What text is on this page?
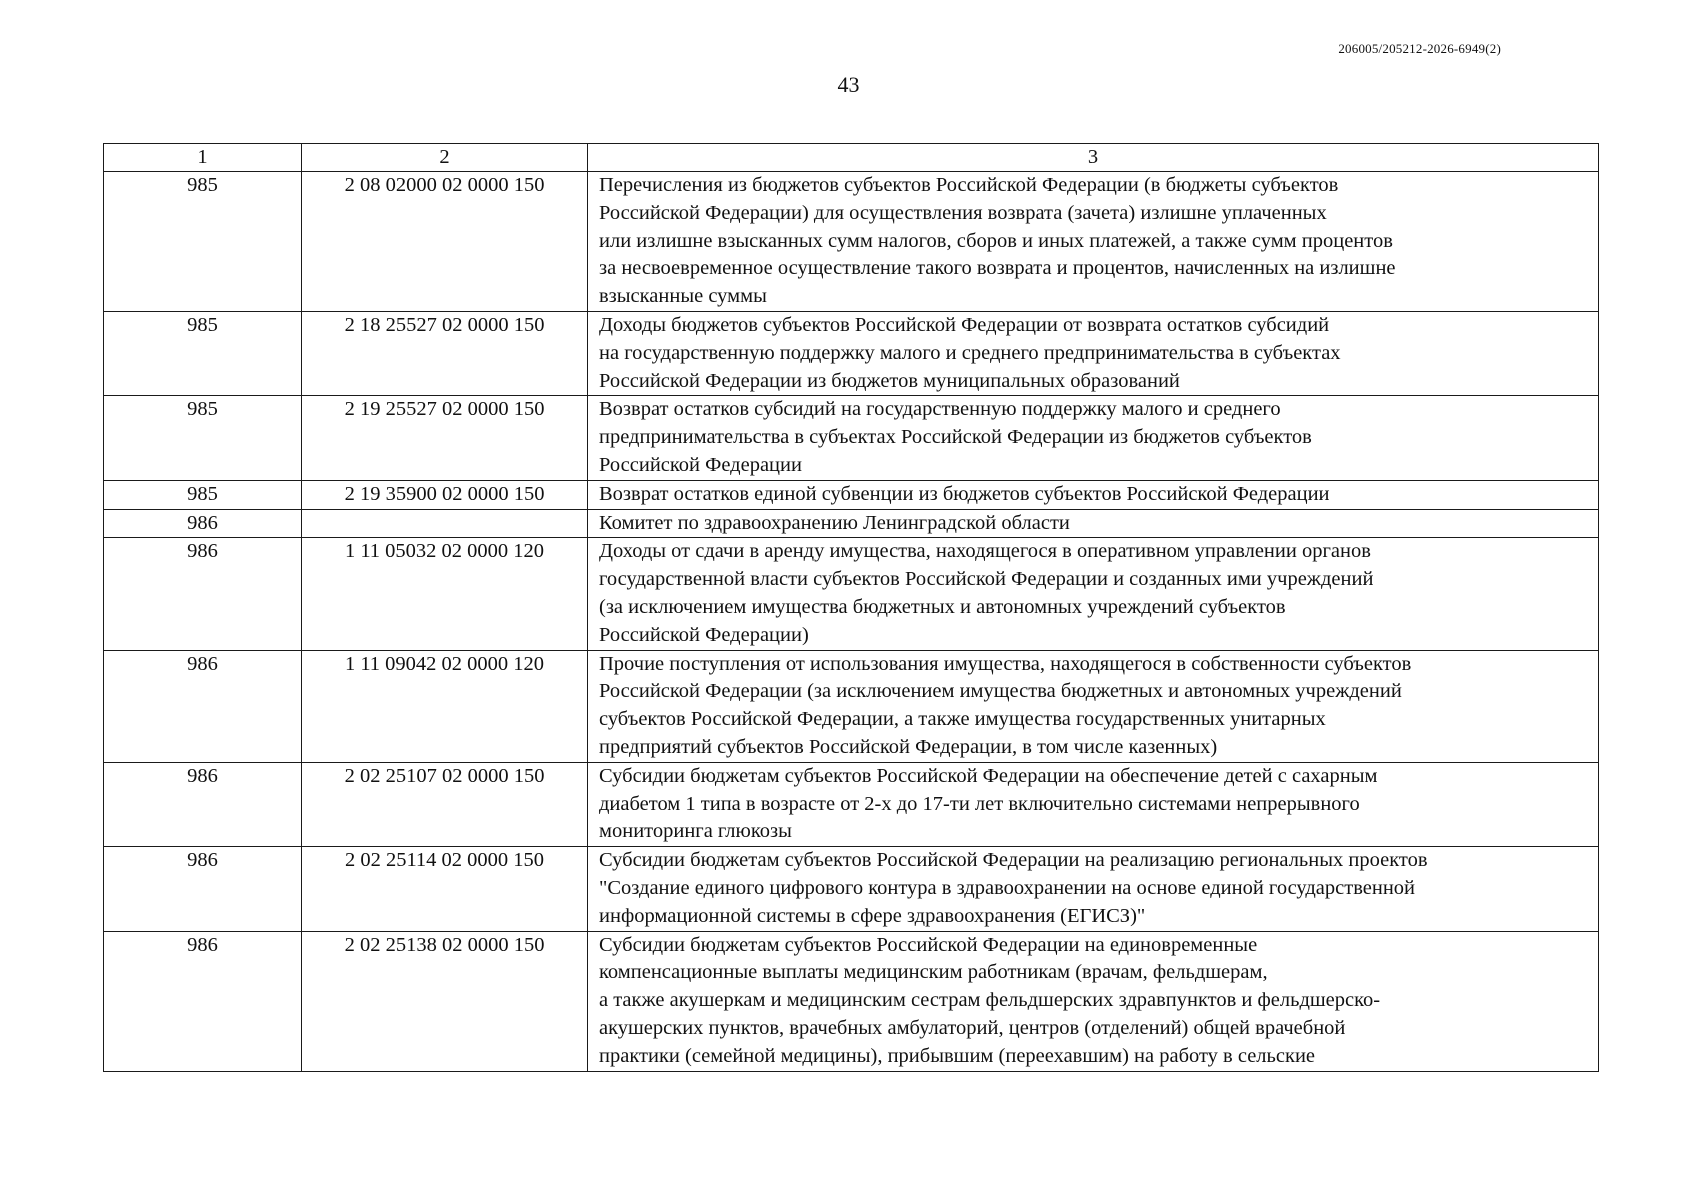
206005/205212-2026-6949(2)
43
1	2	3
985	2 08 02000 02 0000 150	Перечисления из бюджетов субъектов Российской Федерации (в бюджеты субъектов
Российской Федерации) для осуществления возврата (зачета) излишне уплаченных
или излишне взысканных сумм налогов, сборов и иных платежей, а также сумм процентов
за несвоевременное осуществление такого возврата и процентов, начисленных на излишне
взысканные суммы

985	2 18 25527 02 0000 150	Доходы бюджетов субъектов Российской Федерации от возврата остатков субсидий
на государственную поддержку малого и среднего предпринимательства в субъектах
Российской Федерации из бюджетов муниципальных образований

985	2 19 25527 02 0000 150	Возврат остатков субсидий на государственную поддержку малого и среднего
предпринимательства в субъектах Российской Федерации из бюджетов субъектов
Российской Федерации

985	2 19 35900 02 0000 150	Возврат остатков единой субвенции из бюджетов субъектов Российской Федерации

986		Комитет по здравоохранению Ленинградской области

986	1 11 05032 02 0000 120	Доходы от сдачи в аренду имущества, находящегося в оперативном управлении органов
государственной власти субъектов Российской Федерации и созданных ими учреждений
(за исключением имущества бюджетных и автономных учреждений субъектов
Российской Федерации)

986	1 11 09042 02 0000 120	Прочие поступления от использования имущества, находящегося в собственности субъектов
Российской Федерации (за исключением имущества бюджетных и автономных учреждений
субъектов Российской Федерации, а также имущества государственных унитарных
предприятий субъектов Российской Федерации, в том числе казенных)

986	2 02 25107 02 0000 150	Субсидии бюджетам субъектов Российской Федерации на обеспечение детей с сахарным
диабетом 1 типа в возрасте от 2-х до 17-ти лет включительно системами непрерывного
мониторинга глюкозы

986	2 02 25114 02 0000 150	Субсидии бюджетам субъектов Российской Федерации на реализацию региональных проектов
"Создание единого цифрового контура в здравоохранении на основе единой государственной
информационной системы в сфере здравоохранения (ЕГИСЗ)"

986	2 02 25138 02 0000 150	Субсидии бюджетам субъектов Российской Федерации на единовременные
компенсационные выплаты медицинским работникам (врачам, фельдшерам,
а также акушеркам и медицинским сестрам фельдшерских здравпунктов и фельдшерско-
акушерских пунктов, врачебных амбулаторий, центров (отделений) общей врачебной
практики (семейной медицины), прибывшим (переехавшим) на работу в сельские
